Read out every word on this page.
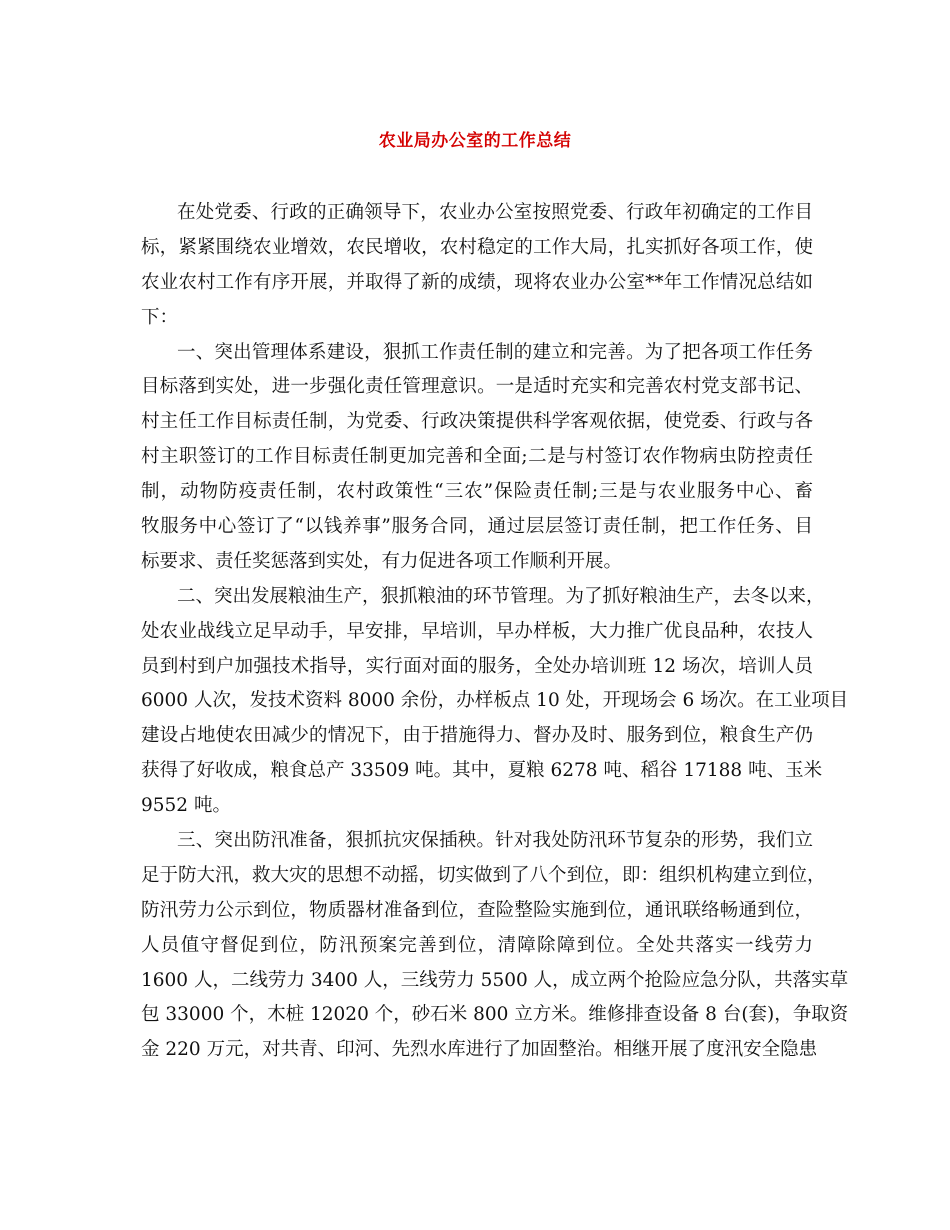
农业局办公室的工作总结
在处党委、行政的正确领导下，农业办公室按照党委、行政年初确定的工作目
标，紧紧围绕农业增效，农民增收，农村稳定的工作大局，扎实抓好各项工作，使
农业农村工作有序开展，并取得了新的成绩，现将农业办公室**年工作情况总结如
下：
一、突出管理体系建设，狠抓工作责任制的建立和完善。为了把各项工作任务
目标落到实处，进一步强化责任管理意识。一是适时充实和完善农村党支部书记、
村主任工作目标责任制，为党委、行政决策提供科学客观依据，使党委、行政与各
村主职签订的工作目标责任制更加完善和全面;二是与村签订农作物病虫防控责任
制，动物防疫责任制，农村政策性“三农”保险责任制;三是与农业服务中心、畜
牧服务中心签订了“以钱养事”服务合同，通过层层签订责任制，把工作任务、目
标要求、责任奖惩落到实处，有力促进各项工作顺利开展。
二、突出发展粮油生产，狠抓粮油的环节管理。为了抓好粮油生产，去冬以来，
处农业战线立足早动手，早安排，早培训，早办样板，大力推广优良品种，农技人
员到村到户加强技术指导，实行面对面的服务，全处办培训班 12 场次，培训人员
6000 人次，发技术资料 8000 余份，办样板点 10 处，开现场会 6 场次。在工业项目
建设占地使农田减少的情况下，由于措施得力、督办及时、服务到位，粮食生产仍
获得了好收成，粮食总产 33509 吨。其中，夏粮 6278 吨、稻谷 17188 吨、玉米
9552 吨。
三、突出防汛准备，狠抓抗灾保插秧。针对我处防汛环节复杂的形势，我们立
足于防大汛，救大灾的思想不动摇，切实做到了八个到位，即：组织机构建立到位，
防汛劳力公示到位，物质器材准备到位，查险整险实施到位，通讯联络畅通到位，
人员值守督促到位，防汛预案完善到位，清障除障到位。全处共落实一线劳力
1600 人，二线劳力 3400 人，三线劳力 5500 人，成立两个抢险应急分队，共落实草
包 33000 个，木桩 12020 个，砂石米 800 立方米。维修排查设备 8 台(套)，争取资
金 220 万元，对共青、印河、先烈水库进行了加固整治。相继开展了度汛安全隐患
